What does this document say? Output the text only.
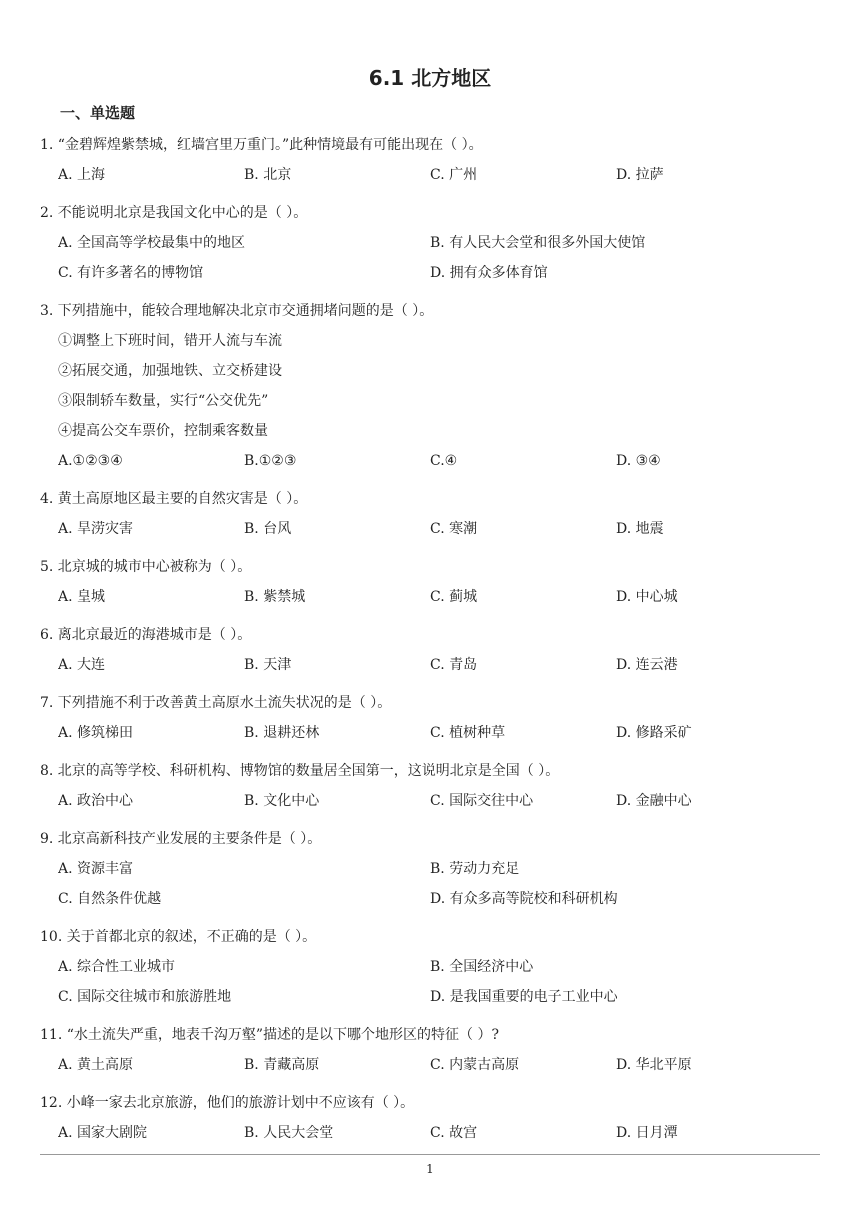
6.1 北方地区
一、单选题
1. “金碧辉煌紫禁城，红墙宫里万重门。”此种情境最有可能出现在（ ）。
A. 上海	B. 北京	C. 广州	D. 拉萨
2. 不能说明北京是我国文化中心的是（ ）。
A. 全国高等学校最集中的地区	B. 有人民大会堂和很多外国大使馆
C. 有许多著名的博物馆	D. 拥有众多体育馆
3. 下列措施中，能较合理地解决北京市交通拥堵问题的是（ ）。
①调整上下班时间，错开人流与车流
②拓展交通，加强地铁、立交桥建设
③限制轿车数量，实行“公交优先”
④提高公交车票价，控制乘客数量
A.①②③④	B.①②③	C.④	D. ③④
4. 黄土高原地区最主要的自然灾害是（ ）。
A. 旱涝灾害	B. 台风	C. 寒潮	D. 地震
5. 北京城的城市中心被称为（ ）。
A. 皇城	B. 紫禁城	C. 蓟城	D. 中心城
6. 离北京最近的海港城市是（ ）。
A. 大连	B. 天津	C. 青岛	D. 连云港
7. 下列措施不利于改善黄土高原水土流失状况的是（ ）。
A. 修筑梯田	B. 退耕还林	C. 植树种草	D. 修路采矿
8. 北京的高等学校、科研机构、博物馆的数量居全国第一，这说明北京是全国（ ）。
A. 政治中心	B. 文化中心	C. 国际交往中心	D. 金融中心
9. 北京高新科技产业发展的主要条件是（ ）。
A. 资源丰富	B. 劳动力充足
C. 自然条件优越	D. 有众多高等院校和科研机构
10. 关于首都北京的叙述，不正确的是（ ）。
A. 综合性工业城市	B. 全国经济中心
C. 国际交往城市和旅游胜地	D. 是我国重要的电子工业中心
11. “水土流失严重，地表千沟万壑”描述的是以下哪个地形区的特征（ ）?
A. 黄土高原	B. 青藏高原	C. 内蒙古高原	D. 华北平原
12. 小峰一家去北京旅游，他们的旅游计划中不应该有（ ）。
A. 国家大剧院	B. 人民大会堂	C. 故宫	D. 日月潭
1
